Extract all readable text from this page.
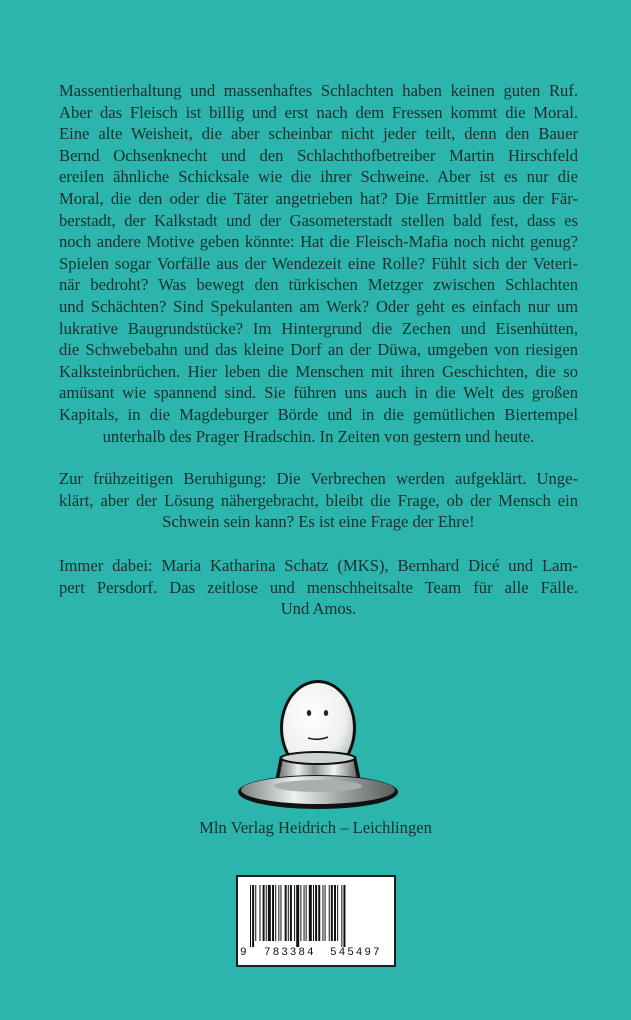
Massentierhaltung und massenhaftes Schlachten haben keinen guten Ruf.
Aber das Fleisch ist billig und erst nach dem Fressen kommt die Moral.
Eine alte Weisheit, die aber scheinbar nicht jeder teilt, denn den Bauer
Bernd Ochsenknecht und den Schlachthofbetreiber Martin Hirschfeld
ereilen ähnliche Schicksale wie die ihrer Schweine. Aber ist es nur die
Moral, die den oder die Täter angetrieben hat? Die Ermittler aus der Fär-
berstadt, der Kalkstadt und der Gasometerstadt stellen bald fest, dass es
noch andere Motive geben könnte: Hat die Fleisch-Mafia noch nicht genug?
Spielen sogar Vorfälle aus der Wendezeit eine Rolle? Fühlt sich der Veteri-
när bedroht? Was bewegt den türkischen Metzger zwischen Schlachten
und Schächten? Sind Spekulanten am Werk? Oder geht es einfach nur um
lukrative Baugrundstücke? Im Hintergrund die Zechen und Eisenhütten,
die Schwebebahn und das kleine Dorf an der Düwa, umgeben von riesigen
Kalksteinbrüchen. Hier leben die Menschen mit ihren Geschichten, die so
amüsant wie spannend sind. Sie führen uns auch in die Welt des großen
Kapitals, in die Magdeburger Börde und in die gemütlichen Biertempel
unterhalb des Prager Hradschin. In Zeiten von gestern und heute.
Zur frühzeitigen Beruhigung: Die Verbrechen werden aufgeklärt. Unge-
klärt, aber der Lösung nähergebracht, bleibt die Frage, ob der Mensch ein
Schwein sein kann? Es ist eine Frage der Ehre!
Immer dabei: Maria Katharina Schatz (MKS), Bernhard Dicé und Lam-
pert Persdorf. Das zeitlose und menschheitsalte Team für alle Fälle.
Und Amos.
Mln Verlag Heidrich – Leichlingen
9 783384 545497
